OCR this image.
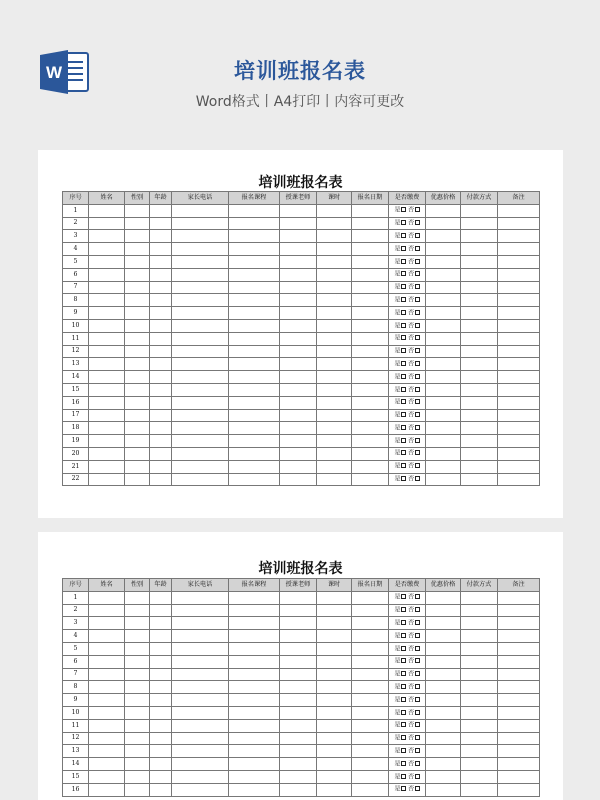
W	培训班报名表
Word格式丨A4打印丨内容可更改
培训班报名表
序号	姓名	性别	年龄	家长电话	报名课程	授课老师	课时	报名日期	是否缴费	优惠价格	付款方式	备注
1									是 否			
2									是 否			
3									是 否			
4									是 否			
5									是 否			
6									是 否			
7									是 否			
8									是 否			
9									是 否			
10									是 否			
11									是 否			
12									是 否			
13									是 否			
14									是 否			
15									是 否			
16									是 否			
17									是 否			
18									是 否			
19									是 否			
20									是 否			
21									是 否			
22									是 否			
培训班报名表
序号	姓名	性别	年龄	家长电话	报名课程	授课老师	课时	报名日期	是否缴费	优惠价格	付款方式	备注
1									是 否			
2									是 否			
3									是 否			
4									是 否			
5									是 否			
6									是 否			
7									是 否			
8									是 否			
9									是 否			
10									是 否			
11									是 否			
12									是 否			
13									是 否			
14									是 否			
15									是 否			
16									是 否			
